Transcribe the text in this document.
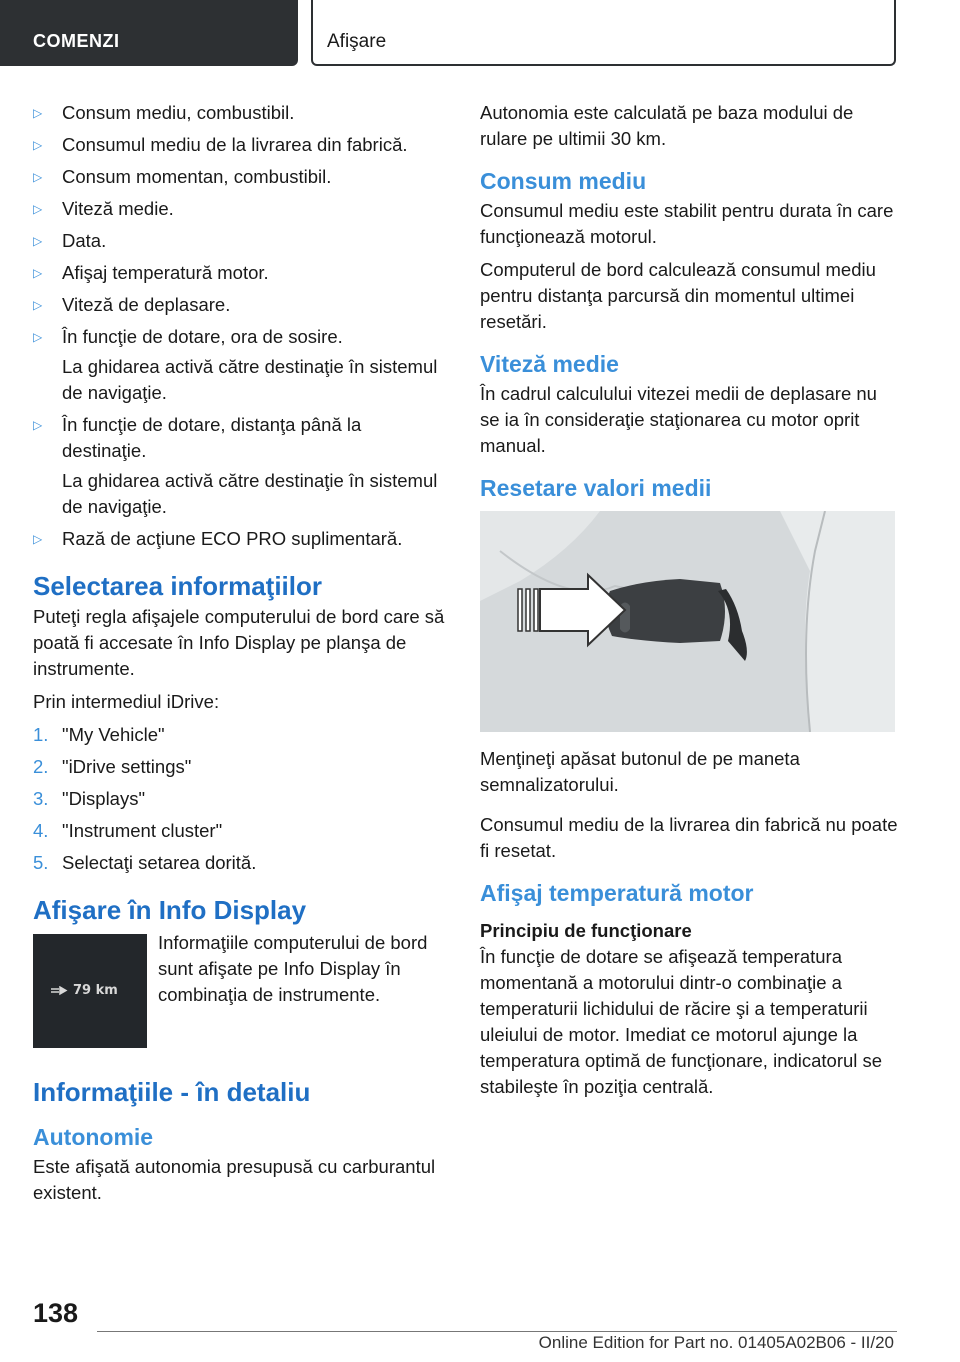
COMENZI	Afişare
▷ Consum mediu, combustibil.
▷ Consumul mediu de la livrarea din fabrică.
▷ Consum momentan, combustibil.
▷ Viteză medie.
▷ Data.
▷ Afişaj temperatură motor.
▷ Viteză de deplasare.
▷ În funcţie de dotare, ora de sosire.
La ghidarea activă către destinaţie în sistemul de navigaţie.
▷ În funcţie de dotare, distanţa până la destinaţie.
La ghidarea activă către destinaţie în sistemul de navigaţie.
▷ Rază de acţiune ECO PRO suplimentară.
Selectarea informaţiilor

Puteţi regla afişajele computerului de bord care să poată fi accesate în Info Display pe planşa de instrumente.

Prin intermediul iDrive:

1. "My Vehicle"
2. "iDrive settings"
3. "Displays"
4. "Instrument cluster"
5. Selectaţi setarea dorită.
Afişare în Info Display
79 km
Informaţiile computerului de bord sunt afişate pe Info Display în combinaţia de instrumente.
Informaţiile - în detaliu
Autonomie

Este afişată autonomia presupusă cu carburantul existent.

Autonomia este calculată pe baza modului de rulare pe ultimii 30 km.

Consum mediu

Consumul mediu este stabilit pentru durata în care funcţionează motorul.

Computerul de bord calculează consumul mediu pentru distanţa parcursă din momentul ultimei resetări.

Viteză medie

În cadrul calculului vitezei medii de deplasare nu se ia în consideraţie staţionarea cu motor oprit manual.

Resetare valori medii

Menţineţi apăsat butonul de pe maneta semnalizatorului.

Consumul mediu de la livrarea din fabrică nu poate fi resetat.

Afişaj temperatură motor
Principiu de funcţionare

În funcţie de dotare se afişează temperatura momentană a motorului dintr-o combinaţie a temperaturii lichidului de răcire şi a temperaturii uleiului de motor. Imediat ce motorul ajunge la temperatura optimă de funcţionare, indicatorul se stabileşte în poziţia centrală.

138
Online Edition for Part no. 01405A02B06 - II/20
